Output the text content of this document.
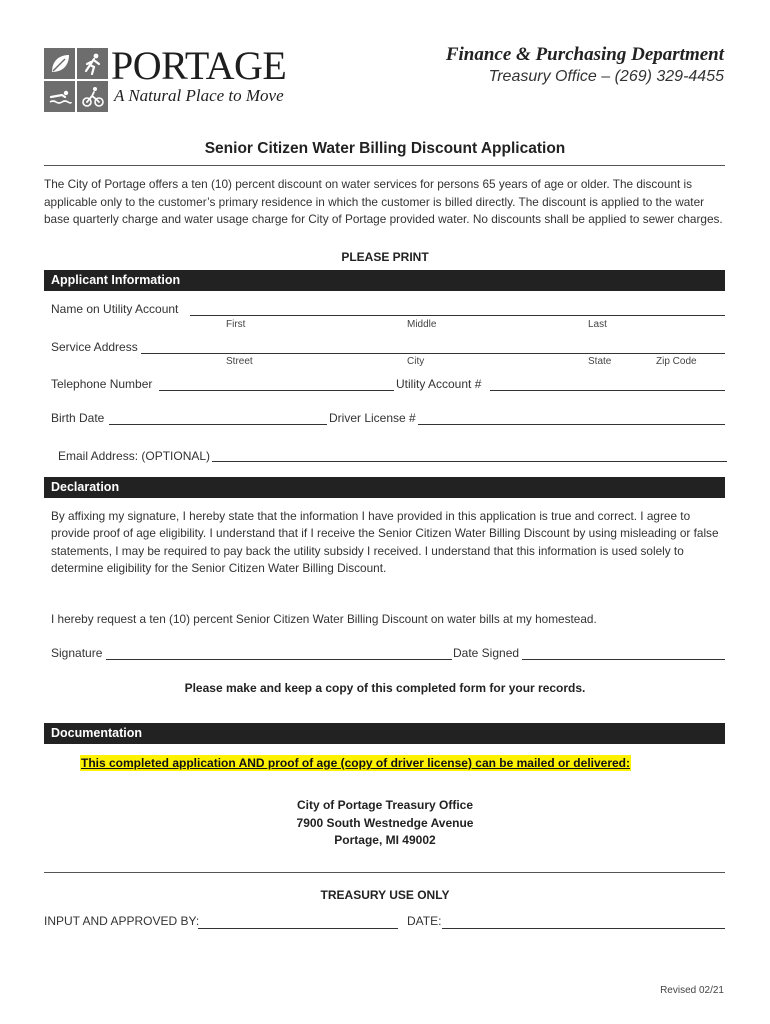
PORTAGE
A Natural Place to Move
Finance & Purchasing Department
Treasury Office – (269) 329-4455
Senior Citizen Water Billing Discount Application
The City of Portage offers a ten (10) percent discount on water services for persons 65 years of age or older. The discount is applicable only to the customer’s primary residence in which the customer is billed directly. The discount is applied to the water base quarterly charge and water usage charge for City of Portage provided water. No discounts shall be applied to sewer charges.
PLEASE PRINT
Applicant Information
Name on Utility Account
First	Middle	Last
Service Address
Street	City	State	Zip Code
Telephone Number	Utility Account #
Birth Date	Driver License #
Email Address: (OPTIONAL)
Declaration
By affixing my signature, I hereby state that the information I have provided in this application is true and correct. I agree to provide proof of age eligibility. I understand that if I receive the Senior Citizen Water Billing Discount by using misleading or false statements, I may be required to pay back the utility subsidy I received. I understand that this information is used solely to determine eligibility for the Senior Citizen Water Billing Discount.
I hereby request a ten (10) percent Senior Citizen Water Billing Discount on water bills at my homestead.
Signature	Date Signed
Please make and keep a copy of this completed form for your records.
Documentation
This completed application AND proof of age (copy of driver license) can be mailed or delivered:
City of Portage Treasury Office
7900 South Westnedge Avenue
Portage, MI 49002
TREASURY USE ONLY
INPUT AND APPROVED BY:	DATE:
Revised 02/21
